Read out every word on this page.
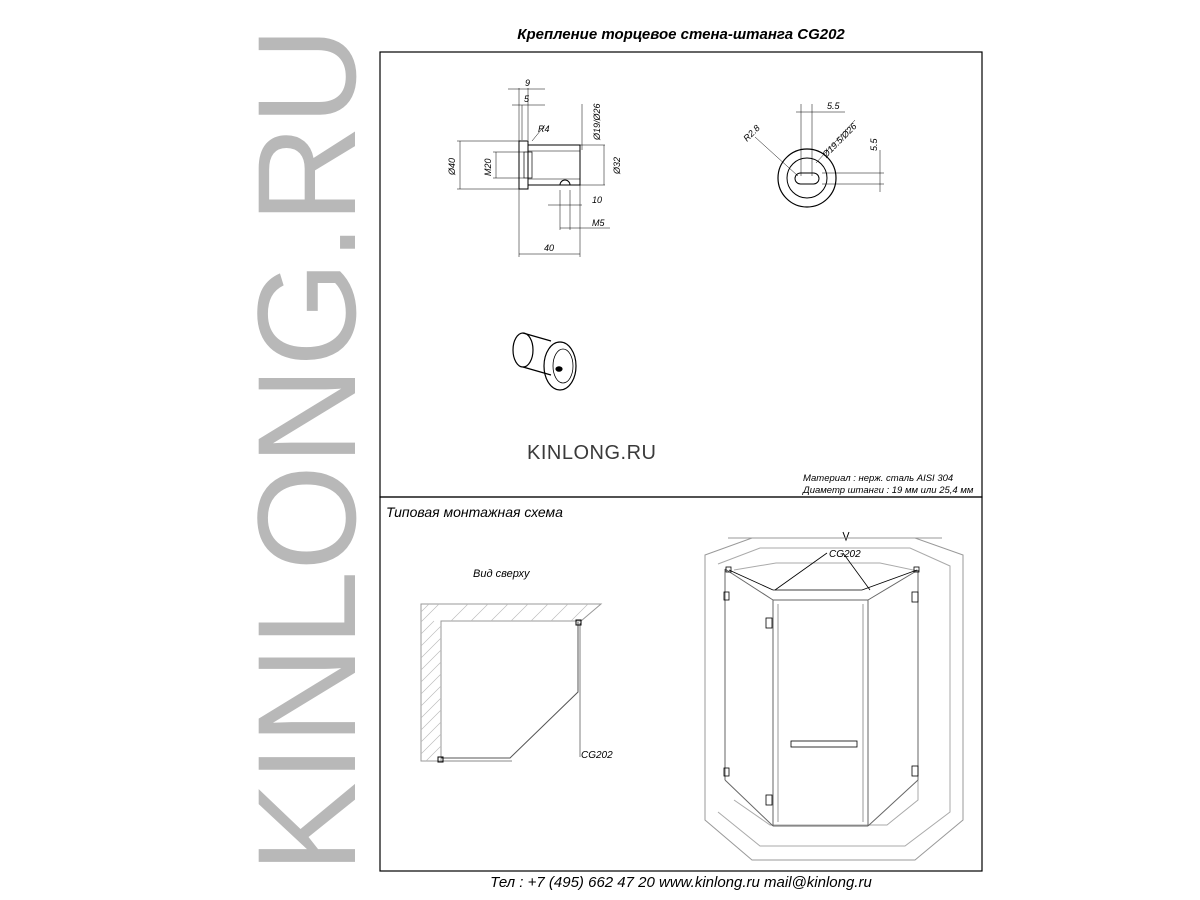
KINLONG.RU	Крепление торцевое стена-штанга CG202
9
5
R4	Ø19/Ø26
Ø40	M20	Ø32
10
M5
40
5.5
R2.8	Ø19.5/Ø26 5.5
KINLONG.RU
Материал : нерж. сталь AISI 304
Диаметр штанги : 19 мм или 25,4 мм
Типовая монтажная схема
Вид сверху
CG202
CG202
Тел : +7 (495) 662 47 20 www.kinlong.ru mail@kinlong.ru
